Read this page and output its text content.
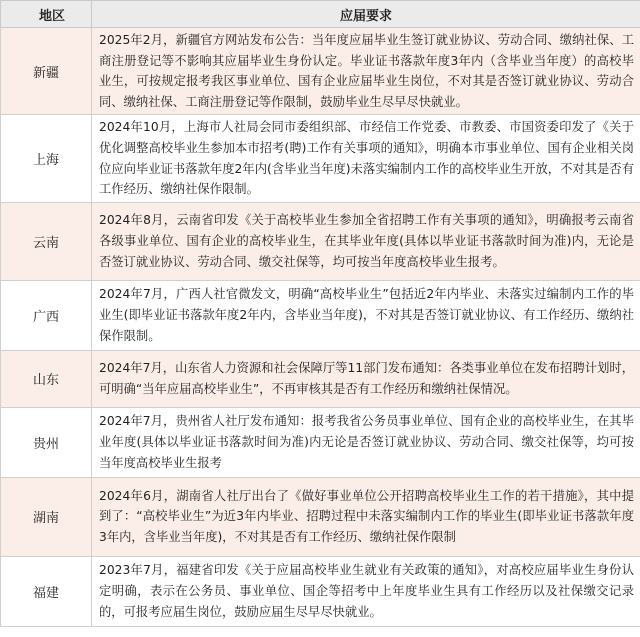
地区	应届要求
新疆	2025年2月，新疆官方网站发布公告：当年度应届毕业生签订就业协议、劳动合同、缴纳社保、工商注册登记等不影响其应届毕业生身份认定。毕业证书落款年度3年内（含毕业当年度）的高校毕业生，可按规定报考我区事业单位、国有企业应届毕业生岗位，不对其是否签订就业协议、劳动合同、缴纳社保、工商注册登记等作限制，鼓励毕业生尽早尽快就业。
上海	2024年10月，上海市人社局会同市委组织部、市经信工作党委、市教委、市国资委印发了《关于优化调整高校毕业生参加本市招考(聘)工作有关事项的通知》，明确本市事业单位、国有企业相关岗位应向毕业证书落款年度2年内(含毕业当年度)未落实编制内工作的高校毕业生开放，不对其是否有工作经历、缴纳社保作限制。
云南	2024年8月，云南省印发《关于高校毕业生参加全省招聘工作有关事项的通知》，明确报考云南省各级事业单位、国有企业的高校毕业生，在其毕业年度(具体以毕业证书落款时间为准)内，无论是否签订就业协议、劳动合同、缴交社保等，均可按当年度高校毕业生报考。
广西	2024年7月，广西人社官微发文，明确“高校毕业生”包括近2年内毕业、未落实过编制内工作的毕业生(即毕业证书落款年度2年内，含毕业当年度)，不对其是否签订就业协议、有工作经历、缴纳社保作限制。
山东	2024年7月，山东省人力资源和社会保障厅等11部门发布通知：各类事业单位在发布招聘计划时，可明确“当年应届高校毕业生”，不再审核其是否有工作经历和缴纳社保情况。
贵州	2024年7月，贵州省人社厅发布通知：报考我省公务员事业单位、国有企业的高校毕业生，在其毕业年度(具体以毕业证书落款时间为准)内无论是否签订就业协议、劳动合同、缴交社保等，均可按当年度高校毕业生报考
湖南	2024年6月，湖南省人社厅出台了《做好事业单位公开招聘高校毕业生工作的若干措施》，其中提到了：“高校毕业生”为近3年内毕业、招聘过程中未落实编制内工作的毕业生(即毕业证书落款年度3年内，含毕业当年度)，不对其是否有工作经历、缴纳社保作限制
福建	2023年7月，福建省印发《关于应届高校毕业生就业有关政策的通知》，对高校应届毕业生身份认定明确，表示在公务员、事业单位、国企等招考中上年度毕业生具有工作经历以及社保缴交记录的，可报考应届生岗位，鼓励应届生尽早尽快就业。
